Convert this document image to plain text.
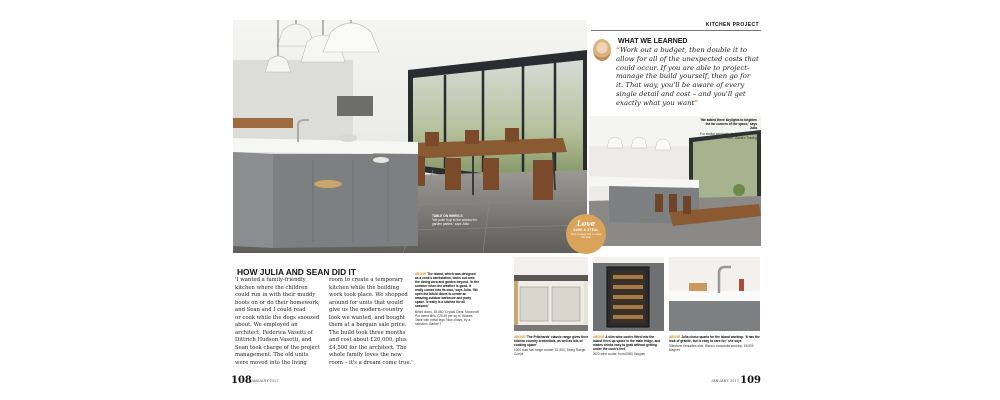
TABLE ON WHEELS
'We push it up to the window for garden parties,' says Julia
KITCHEN PROJECT
WHAT WE LEARNED
“Work out a budget, then double it to allow for all of the unexpected costs that could occur. If you are able to project-manage the build yourself, then go for it. That way, you'll be aware of every single detail and cost – and you'll get exactly what you want”
'We added three skylights to brighten the far corners of the space,' says Julia
For similar pendants, try the Hanna, £70 each, Garden Trading
Love
SAVE & STEAL
Turn to page 111 to shop the look
ABOVE The island, which was designed as a cook's workstation, looks out onto the dining area and garden beyond. 'In the summer when the weather is good, it really comes into its own,' says Julia. 'We open the bifold doors to create an amazing outdoor barbecue and party space. It really is a kitchen for all seasons'
Bifold doors, £5,480, Crystal Clear. Moorcraft Pro metro tiles, £28.49 per sq m, Wickes. Table with metal legs, Nice chairs, try a selection, Barker T
ABOVE 'The Pritchards' classic range gives their kitchen country credentials, as well as lots of cooking space'
1000 dual fuel range cooker, £1,900, Smeg Range, Currys
ABOVE A slim wine cooler fitted into the island frees up space in the main fridge, and makes drinks easy to grab without getting under the cook's feet
W20 wine cooler, from £580, Wagner
ABOVE Julia chose quartz for the island worktop. 'It has the look of granite, but is easy to care for,' she says
Silestone Versailles sink, Blanco composite worktop, £6,500 Magnet
HOW JULIA AND SEAN DID IT
'I wanted a family-friendly
kitchen where the children
could run in with their muddy
boots on or do their homework,
and Sean and I could read
or cook while the dogs snoozed
about. We employed an
architect, Federica Vasetti of
Dittrich Hudson Vasetti, and
Sean took charge of the project
management. The old units
were moved into the living
room to create a temporary
kitchen while the building
work took place. We shopped
around for units that would
give us the modern-country
look we wanted, and bought
them at a bargain sale price.
The build took three months
and cost about £20,000, plus
£4,500 for the architect. The
whole family loves the new
room – it's a dream come true.'
108 JANUARY 2017	JANUARY 2017 109
